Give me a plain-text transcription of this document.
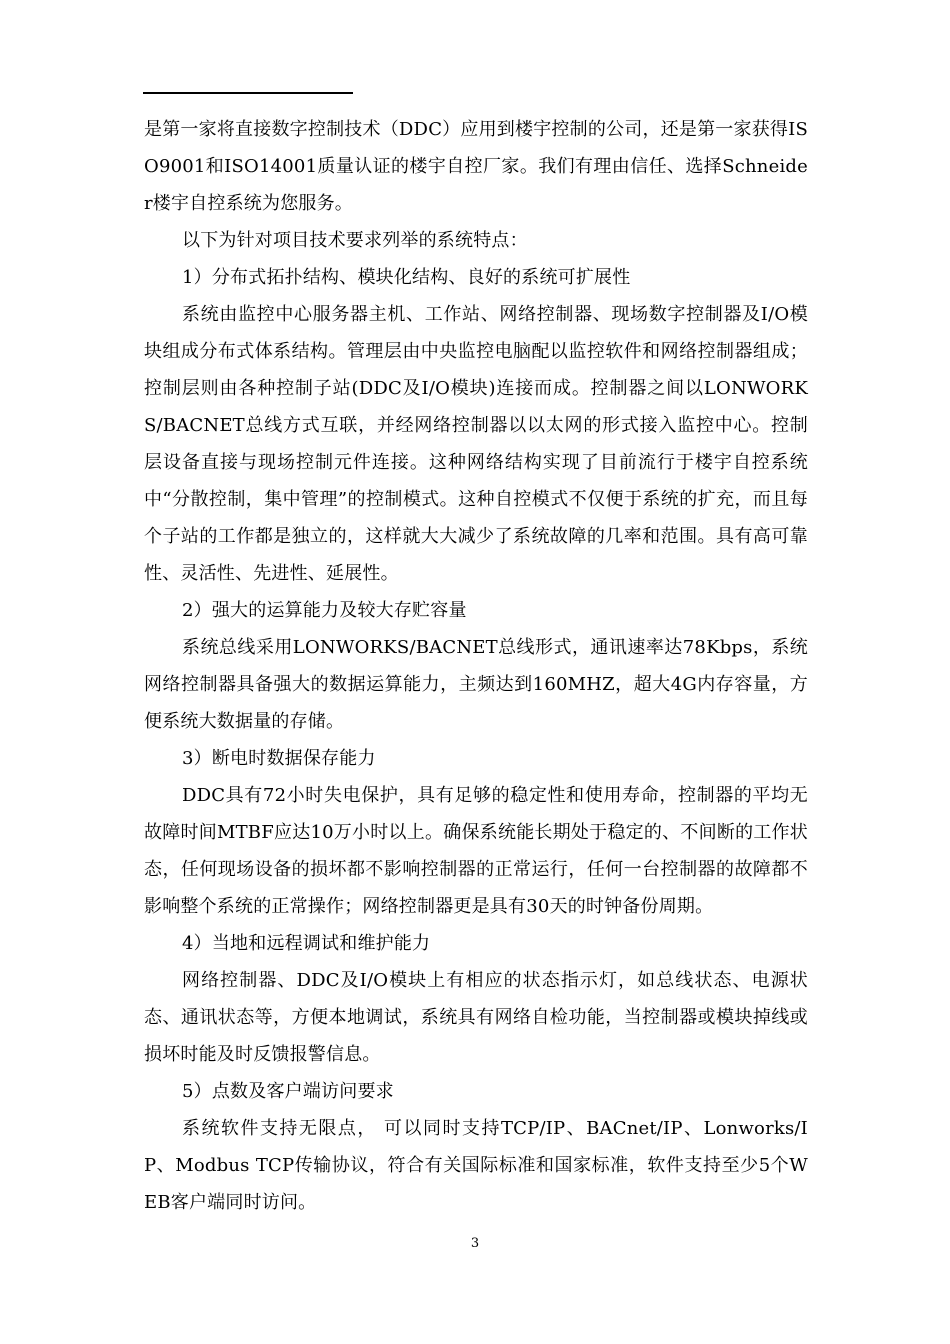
是第一家将直接数字控制技术（DDC）应用到楼宇控制的公司，还是第一家获得ISO9001和ISO14001质量认证的楼宇自控厂家。我们有理由信任、选择Schneider楼宇自控系统为您服务。

以下为针对项目技术要求列举的系统特点：

1）分布式拓扑结构、模块化结构、良好的系统可扩展性

系统由监控中心服务器主机、工作站、网络控制器、现场数字控制器及I/O模块组成分布式体系结构。管理层由中央监控电脑配以监控软件和网络控制器组成；控制层则由各种控制子站(DDC及I/O模块)连接而成。控制器之间以LONWORKS/BACNET总线方式互联，并经网络控制器以以太网的形式接入监控中心。控制层设备直接与现场控制元件连接。这种网络结构实现了目前流行于楼宇自控系统中“分散控制，集中管理”的控制模式。这种自控模式不仅便于系统的扩充，而且每个子站的工作都是独立的，这样就大大减少了系统故障的几率和范围。具有高可靠性、灵活性、先进性、延展性。

2）强大的运算能力及较大存贮容量

系统总线采用LONWORKS/BACNET总线形式，通讯速率达78Kbps，系统网络控制器具备强大的数据运算能力，主频达到160MHZ，超大4G内存容量，方便系统大数据量的存储。

3）断电时数据保存能力

DDC具有72小时失电保护，具有足够的稳定性和使用寿命，控制器的平均无故障时间MTBF应达10万小时以上。确保系统能长期处于稳定的、不间断的工作状态，任何现场设备的损坏都不影响控制器的正常运行，任何一台控制器的故障都不影响整个系统的正常操作；网络控制器更是具有30天的时钟备份周期。

4）当地和远程调试和维护能力

网络控制器、DDC及I/O模块上有相应的状态指示灯，如总线状态、电源状态、通讯状态等，方便本地调试，系统具有网络自检功能，当控制器或模块掉线或损坏时能及时反馈报警信息。

5）点数及客户端访问要求

系统软件支持无限点， 可以同时支持TCP/IP、BACnet/IP、Lonworks/IP、Modbus TCP传输协议，符合有关国际标准和国家标准，软件支持至少5个WEB客户端同时访问。

3
